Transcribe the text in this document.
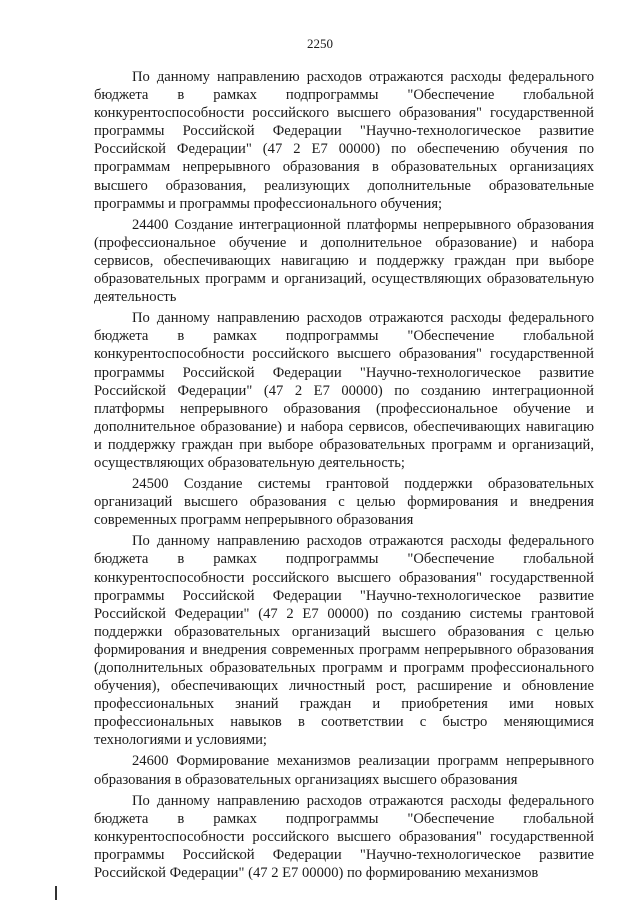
2250

По данному направлению расходов отражаются расходы федерального бюджета в рамках подпрограммы "Обеспечение глобальной конкурентоспособности российского высшего образования" государственной программы Российской Федерации "Научно-технологическое развитие Российской Федерации" (47 2 Е7 00000) по обеспечению обучения по программам непрерывного образования в образовательных организациях высшего образования, реализующих дополнительные образовательные программы и программы профессионального обучения;

24400 Создание интеграционной платформы непрерывного образования (профессиональное обучение и дополнительное образование) и набора сервисов, обеспечивающих навигацию и поддержку граждан при выборе образовательных программ и организаций, осуществляющих образовательную деятельность

По данному направлению расходов отражаются расходы федерального бюджета в рамках подпрограммы "Обеспечение глобальной конкурентоспособности российского высшего образования" государственной программы Российской Федерации "Научно-технологическое развитие Российской Федерации" (47 2 Е7 00000) по созданию интеграционной платформы непрерывного образования (профессиональное обучение и дополнительное образование) и набора сервисов, обеспечивающих навигацию и поддержку граждан при выборе образовательных программ и организаций, осуществляющих образовательную деятельность;

24500 Создание системы грантовой поддержки образовательных организаций высшего образования с целью формирования и внедрения современных программ непрерывного образования

По данному направлению расходов отражаются расходы федерального бюджета в рамках подпрограммы "Обеспечение глобальной конкурентоспособности российского высшего образования" государственной программы Российской Федерации "Научно-технологическое развитие Российской Федерации" (47 2 Е7 00000) по созданию системы грантовой поддержки образовательных организаций высшего образования с целью формирования и внедрения современных программ непрерывного образования (дополнительных образовательных программ и программ профессионального обучения), обеспечивающих личностный рост, расширение и обновление профессиональных знаний граждан и приобретения ими новых профессиональных навыков в соответствии с быстро меняющимися технологиями и условиями;

24600 Формирование механизмов реализации программ непрерывного образования в образовательных организациях высшего образования

По данному направлению расходов отражаются расходы федерального бюджета в рамках подпрограммы "Обеспечение глобальной конкурентоспособности российского высшего образования" государственной программы Российской Федерации "Научно-технологическое развитие Российской Федерации" (47 2 Е7 00000) по формированию механизмов
